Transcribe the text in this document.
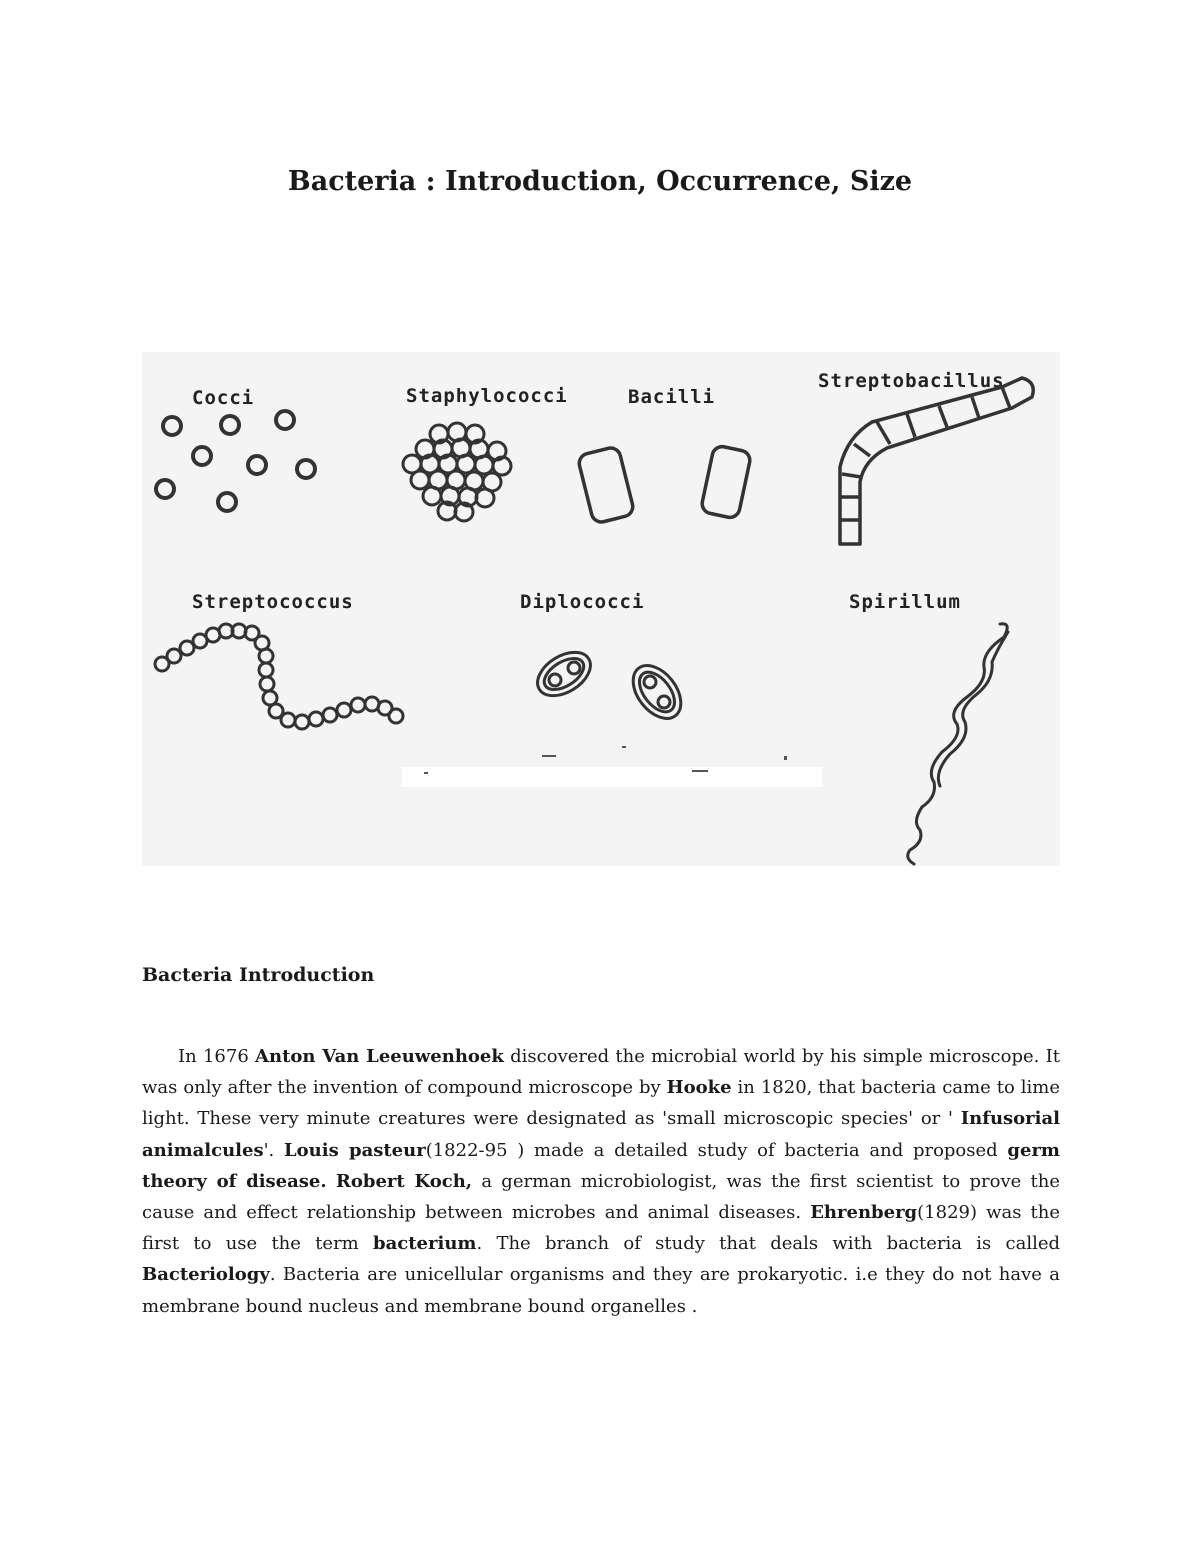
Bacteria : Introduction, Occurrence, Size
Cocci	Staphylococci	Bacilli
Streptobacillus
Streptococcus	Diplococci	Spirillum
Bacteria Introduction

In 1676 Anton Van Leeuwenhoek discovered the microbial world by his simple microscope. It was only after the invention of compound microscope by Hooke in 1820, that bacteria came to lime light. These very minute creatures were designated as 'small microscopic species' or ' Infusorial animalcules'. Louis pasteur(1822-95 ) made a detailed study of bacteria and proposed germ theory of disease. Robert Koch, a german microbiologist, was the first scientist to prove the cause and effect relationship between microbes and animal diseases. Ehrenberg(1829) was the first to use the term bacterium. The branch of study that deals with bacteria is called Bacteriology. Bacteria are unicellular organisms and they are prokaryotic. i.e they do not have a membrane bound nucleus and membrane bound organelles .
